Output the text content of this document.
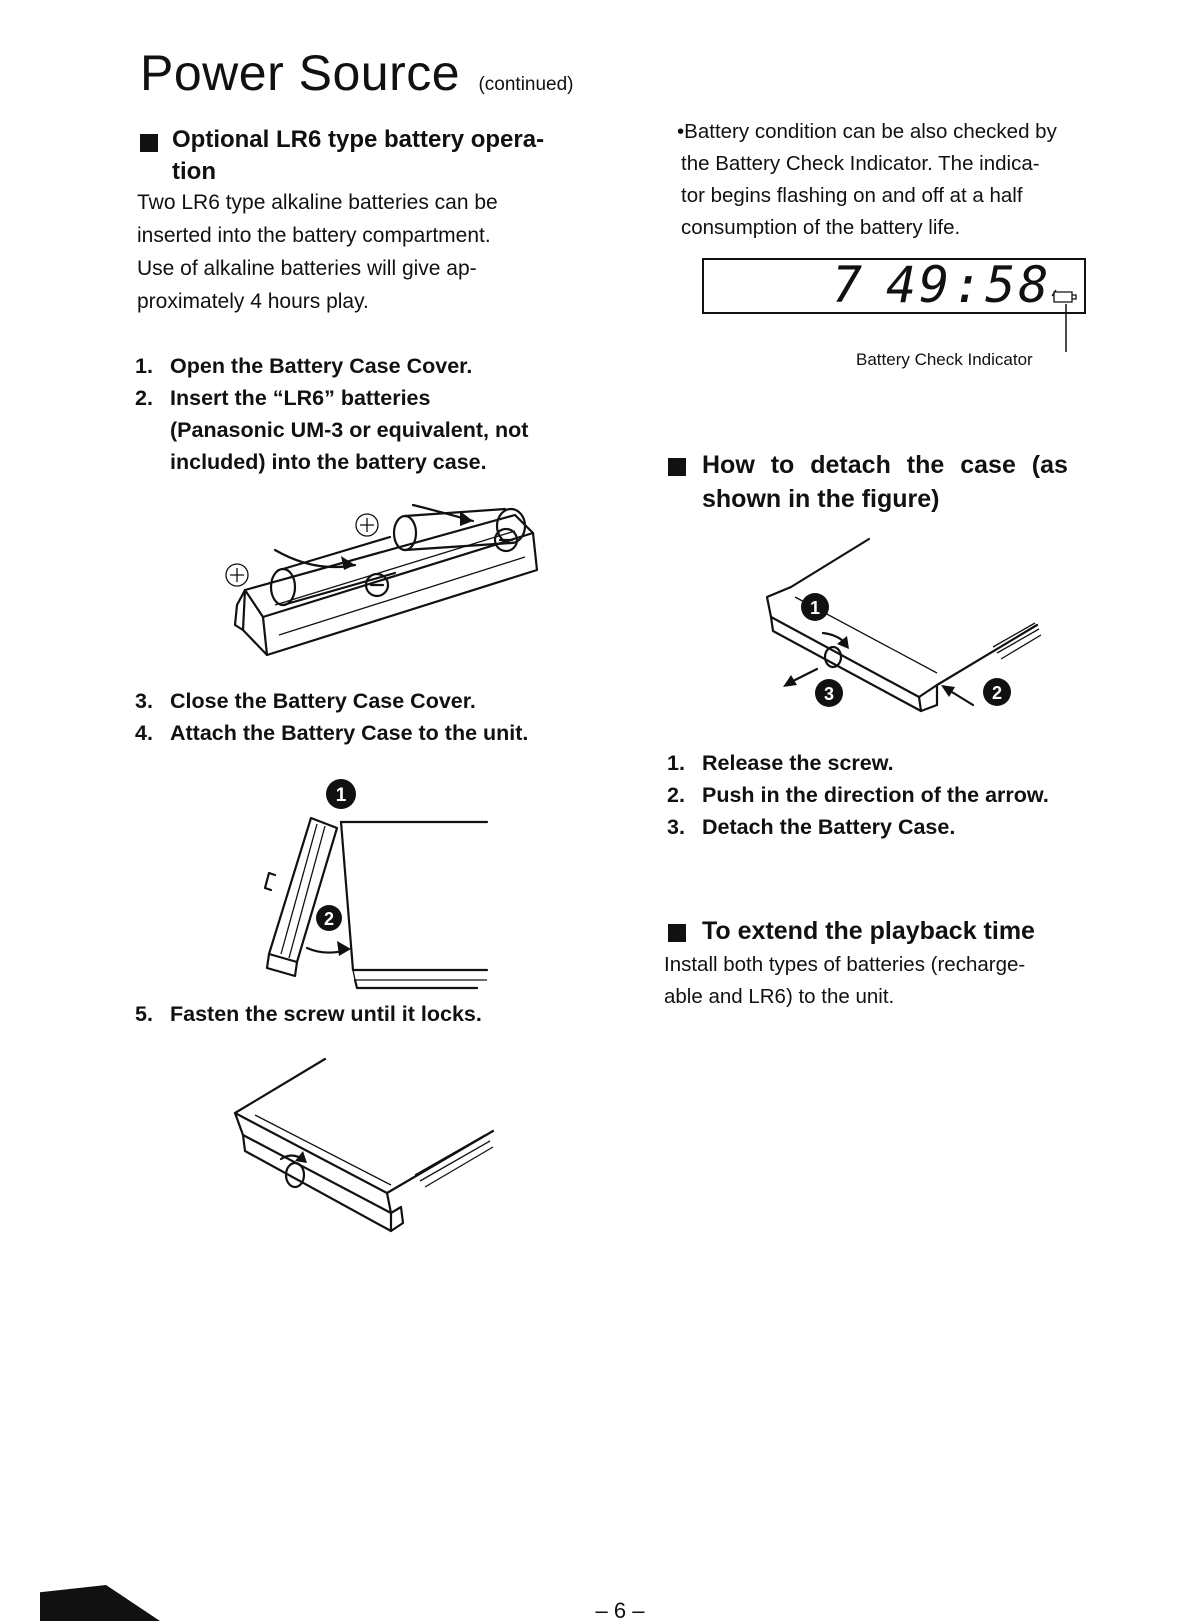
Power Source (continued)
Optional LR6 type battery opera-
tion
Two LR6 type alkaline batteries can be
inserted into the battery compartment.
Use of alkaline batteries will give ap-
proximately 4 hours play.
1. Open the Battery Case Cover.
2. Insert the “LR6” batteries
(Panasonic UM-3 or equivalent, not
included) into the battery case.
3. Close the Battery Case Cover.
4. Attach the Battery Case to the unit.
1
2
5. Fasten the screw until it locks.
•Battery condition can be also checked by
the Battery Check Indicator. The indica-
tor begins flashing on and off at a half
consumption of the battery life.
7 49:58
Battery Check Indicator
How to detach the case (as
shown in the figure)
1
3	2
1. Release the screw.
2. Push in the direction of the arrow.
3. Detach the Battery Case.
To extend the playback time
Install both types of batteries (recharge-
able and LR6) to the unit.
– 6 –
